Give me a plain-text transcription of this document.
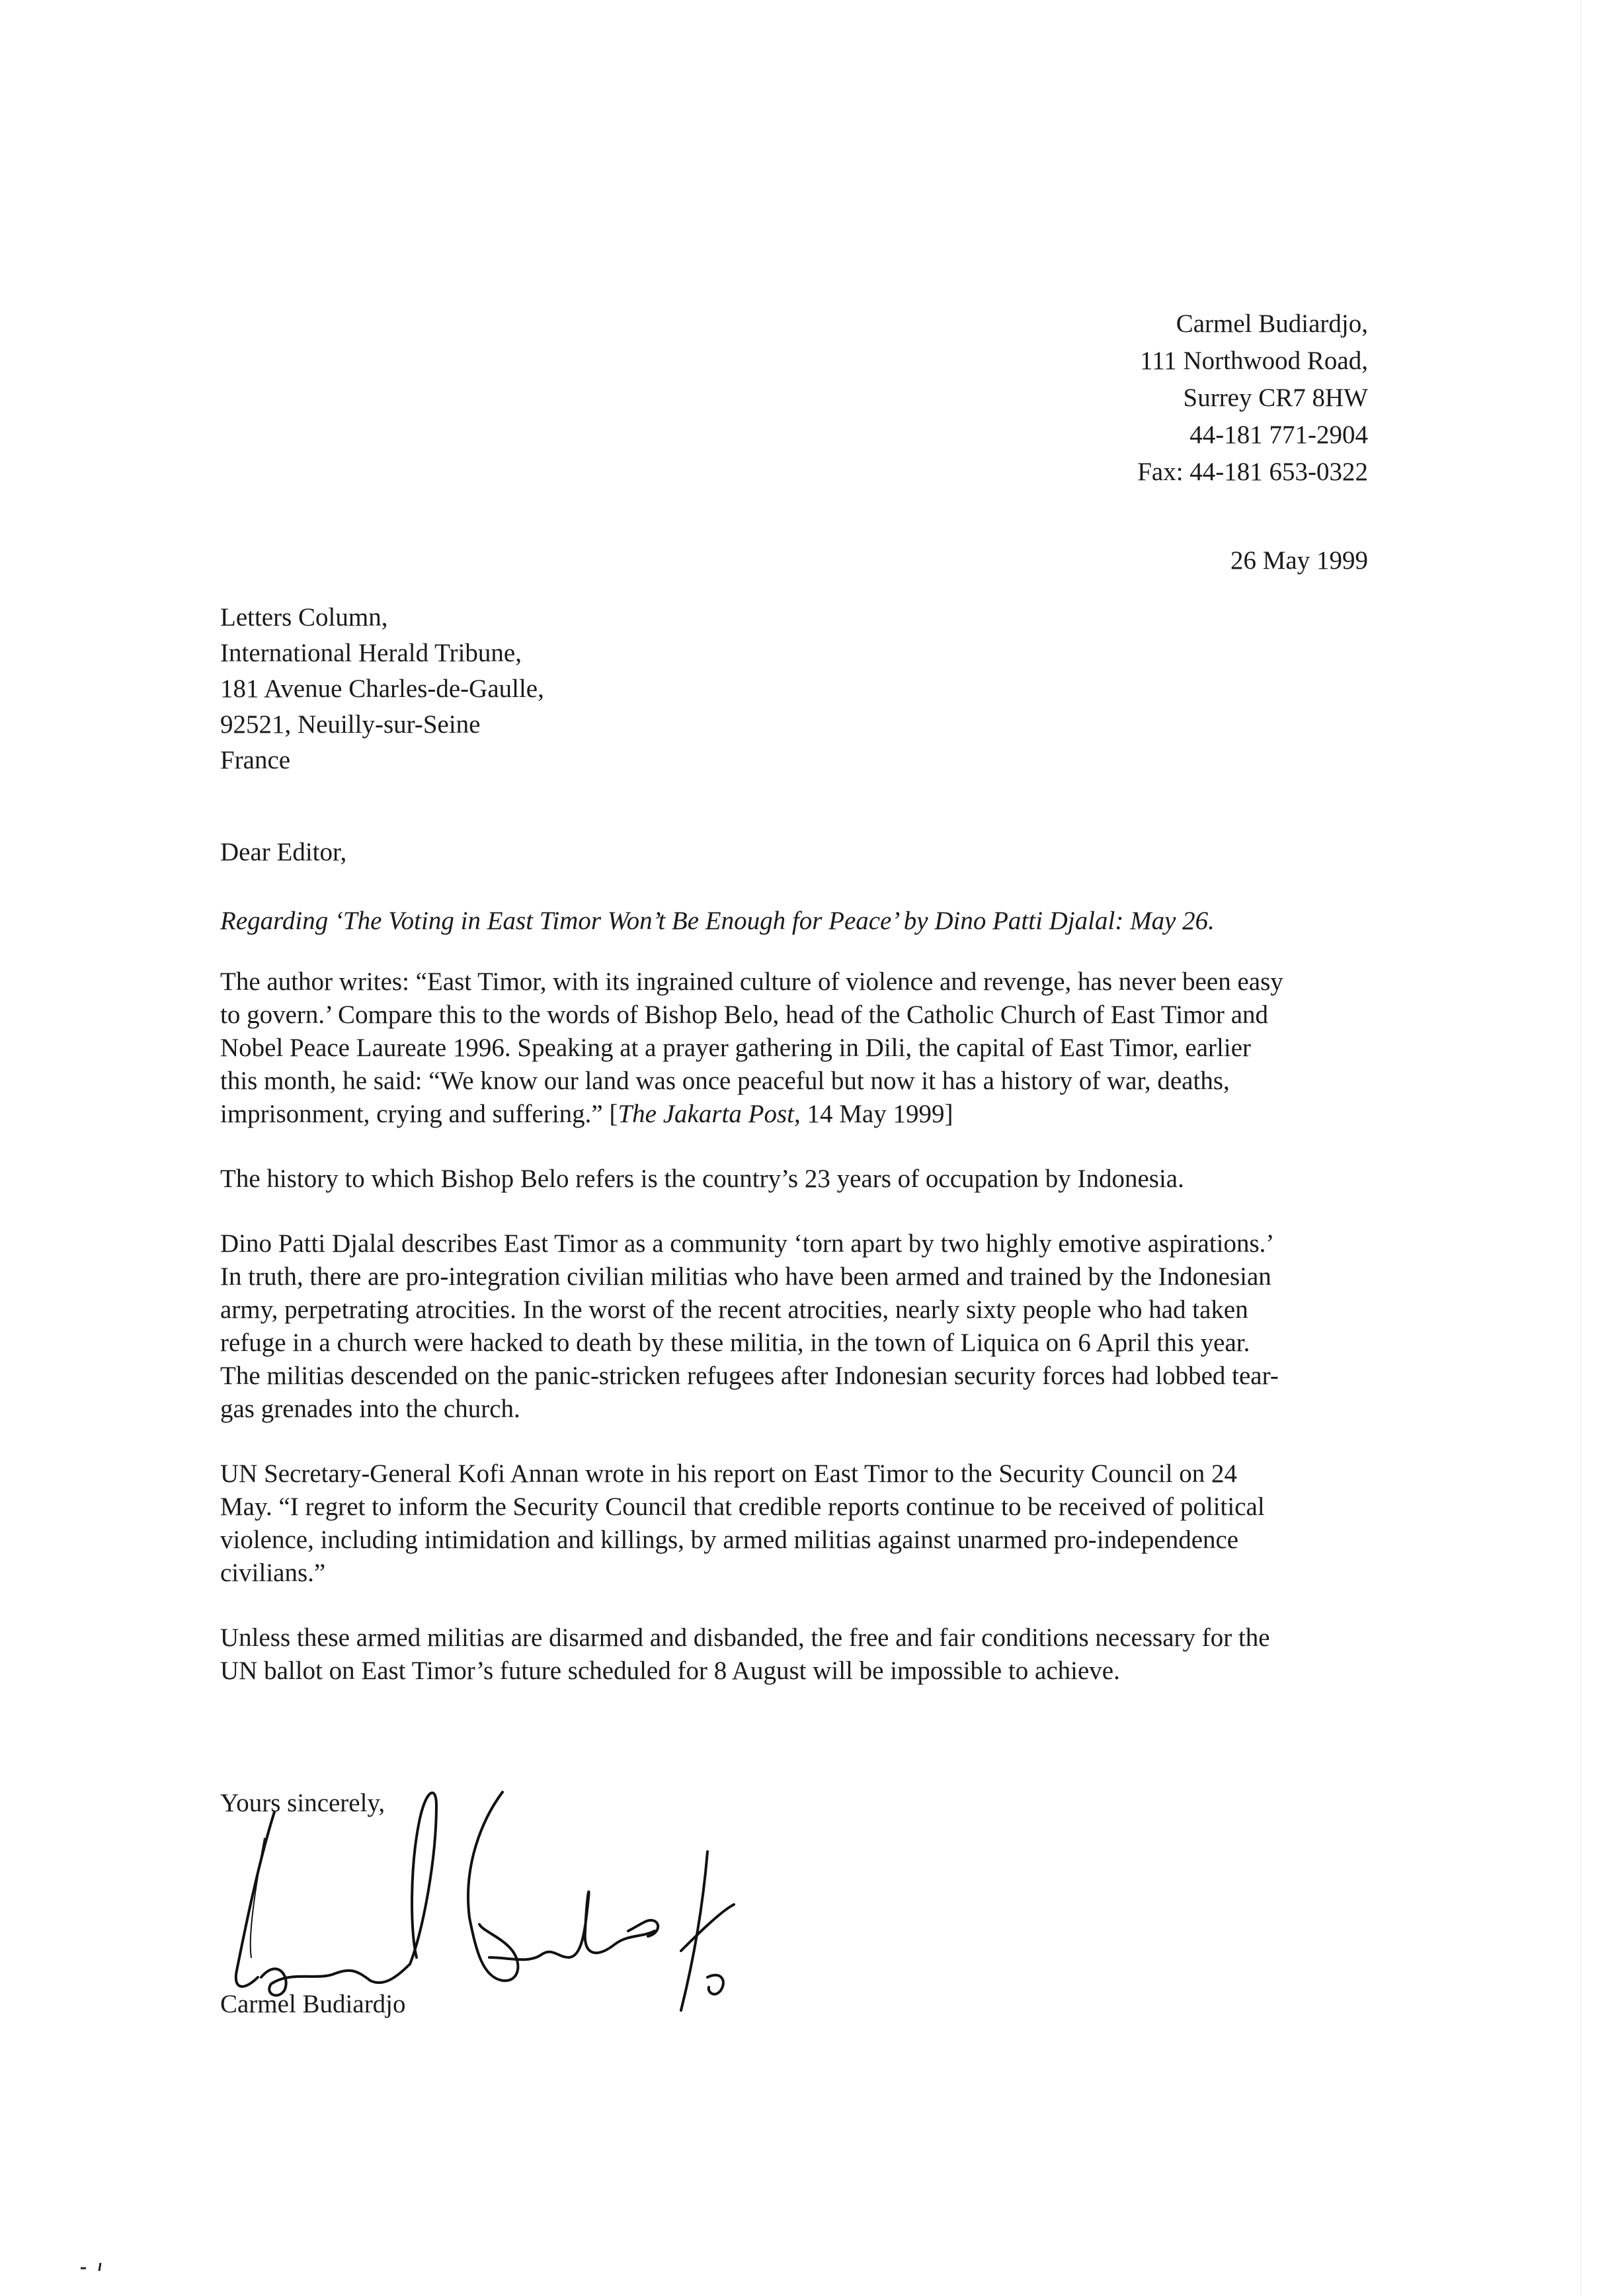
Carmel Budiardjo,
111 Northwood Road,
Surrey CR7 8HW
44-181 771-2904
Fax: 44-181 653-0322
26 May 1999
Letters Column,
International Herald Tribune,
181 Avenue Charles-de-Gaulle,
92521, Neuilly-sur-Seine
France
Dear Editor,
Regarding ‘The Voting in East Timor Won’t Be Enough for Peace’ by Dino Patti Djalal: May 26.

The author writes: “East Timor, with its ingrained culture of violence and revenge, has never been easy
to govern.’ Compare this to the words of Bishop Belo, head of the Catholic Church of East Timor and
Nobel Peace Laureate 1996. Speaking at a prayer gathering in Dili, the capital of East Timor, earlier
this month, he said: “We know our land was once peaceful but now it has a history of war, deaths,
imprisonment, crying and suffering.” [The Jakarta Post, 14 May 1999]

The history to which Bishop Belo refers is the country’s 23 years of occupation by Indonesia.

Dino Patti Djalal describes East Timor as a community ‘torn apart by two highly emotive aspirations.’
In truth, there are pro-integration civilian militias who have been armed and trained by the Indonesian
army, perpetrating atrocities. In the worst of the recent atrocities, nearly sixty people who had taken
refuge in a church were hacked to death by these militia, in the town of Liquica on 6 April this year.
The militias descended on the panic-stricken refugees after Indonesian security forces had lobbed tear-
gas grenades into the church.

UN Secretary-General Kofi Annan wrote in his report on East Timor to the Security Council on 24
May. “I regret to inform the Security Council that credible reports continue to be received of political
violence, including intimidation and killings, by armed militias against unarmed pro-independence
civilians.”

Unless these armed militias are disarmed and disbanded, the free and fair conditions necessary for the
UN ballot on East Timor’s future scheduled for 8 August will be impossible to achieve.

Yours sincerely,
Carmel Budiardjo
